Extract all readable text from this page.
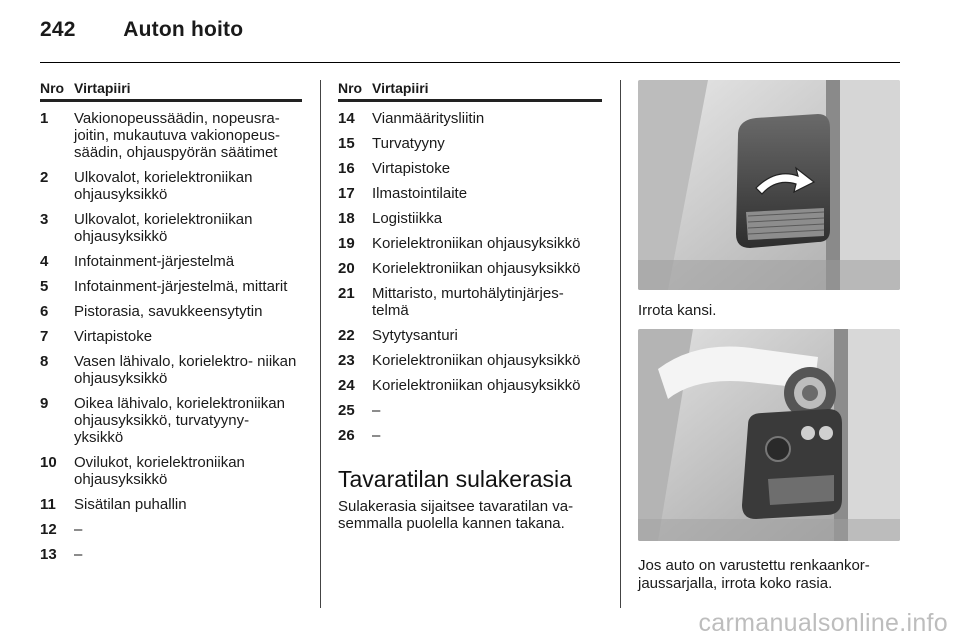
242 Auton hoito
Nro Virtapiiri
1	Vakionopeussäädin, nopeusra- joitin, mukautuva vakionopeus- säädin, ohjauspyörän säätimet
2	Ulkovalot, korielektroniikan ohjausyksikkö
3	Ulkovalot, korielektroniikan ohjausyksikkö
4	Infotainment-järjestelmä
5	Infotainment-järjestelmä, mittarit
6	Pistorasia, savukkeensytytin
7	Virtapistoke
8	Vasen lähivalo, korielektro- niikan ohjausyksikkö
9	Oikea lähivalo, korielektroniikan ohjausyksikkö, turvatyyny- yksikkö
10	Ovilukot, korielektroniikan ohjausyksikkö
11	Sisätilan puhallin
12	–
13	–
Nro Virtapiiri
14	Vianmääritysliitin
15	Turvatyyny
16	Virtapistoke
17	Ilmastointilaite
18	Logistiikka
19	Korielektroniikan ohjausyksikkö
20	Korielektroniikan ohjausyksikkö
21	Mittaristo, murtohälytinjärjes- telmä
22	Sytytysanturi
23	Korielektroniikan ohjausyksikkö
24	Korielektroniikan ohjausyksikkö
25	–
26	–
Tavaratilan sulakerasia
Sulakerasia sijaitsee tavaratilan va- semmalla puolella kannen takana.
Irrota kansi.
Jos auto on varustettu renkaankor- jaussarjalla, irrota koko rasia.
carmanualsonline.info
